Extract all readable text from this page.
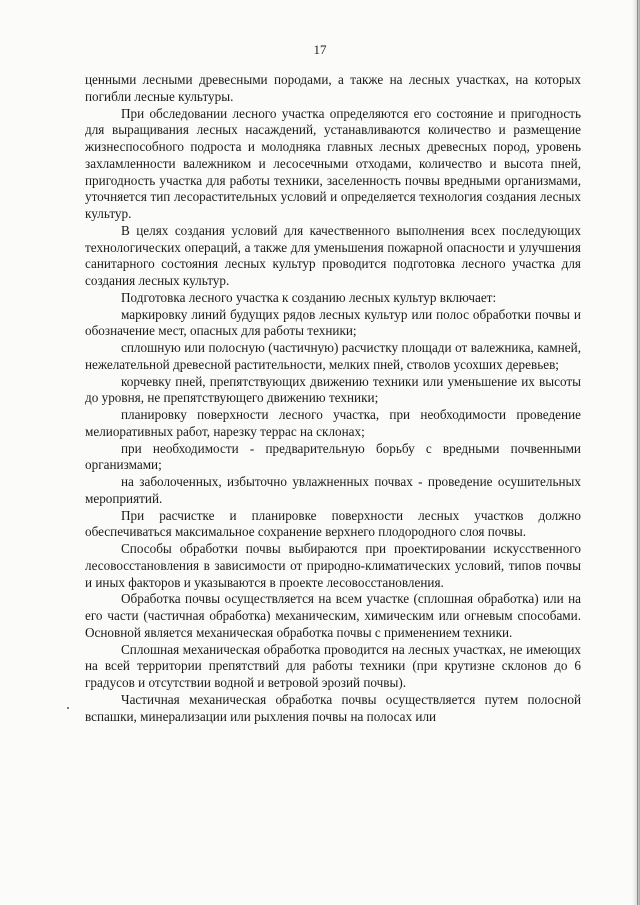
17

ценными лесными древесными породами, а также на лесных участках, на которых погибли лесные культуры.

При обследовании лесного участка определяются его состояние и пригодность для выращивания лесных насаждений, устанавливаются количество и размещение жизнеспособного подроста и молодняка главных лесных древесных пород, уровень захламленности валежником и лесосечными отходами, количество и высота пней, пригодность участка для работы техники, заселенность почвы вредными организмами, уточняется тип лесорастительных условий и определяется технология создания лесных культур.

В целях создания условий для качественного выполнения всех последующих технологических операций, а также для уменьшения пожарной опасности и улучшения санитарного состояния лесных культур проводится подготовка лесного участка для создания лесных культур.

Подготовка лесного участка к созданию лесных культур включает:

маркировку линий будущих рядов лесных культур или полос обработки почвы и обозначение мест, опасных для работы техники;

сплошную или полосную (частичную) расчистку площади от валежника, камней, нежелательной древесной растительности, мелких пней, стволов усохших деревьев;

корчевку пней, препятствующих движению техники или уменьшение их высоты до уровня, не препятствующего движению техники;

планировку поверхности лесного участка, при необходимости проведение мелиоративных работ, нарезку террас на склонах;

при необходимости - предварительную борьбу с вредными почвенными организмами;

на заболоченных, избыточно увлажненных почвах - проведение осушительных мероприятий.

При расчистке и планировке поверхности лесных участков должно обеспечиваться максимальное сохранение верхнего плодородного слоя почвы.

Способы обработки почвы выбираются при проектировании искусственного лесовосстановления в зависимости от природно-климатических условий, типов почвы и иных факторов и указываются в проекте лесовосстановления.

Обработка почвы осуществляется на всем участке (сплошная обработка) или на его части (частичная обработка) механическим, химическим или огневым способами. Основной является механическая обработка почвы с применением техники.

Сплошная механическая обработка проводится на лесных участках, не имеющих на всей территории препятствий для работы техники (при крутизне склонов до 6 градусов и отсутствии водной и ветровой эрозий почвы).

Частичная механическая обработка почвы осуществляется путем полосной вспашки, минерализации или рыхления почвы на полосах или
